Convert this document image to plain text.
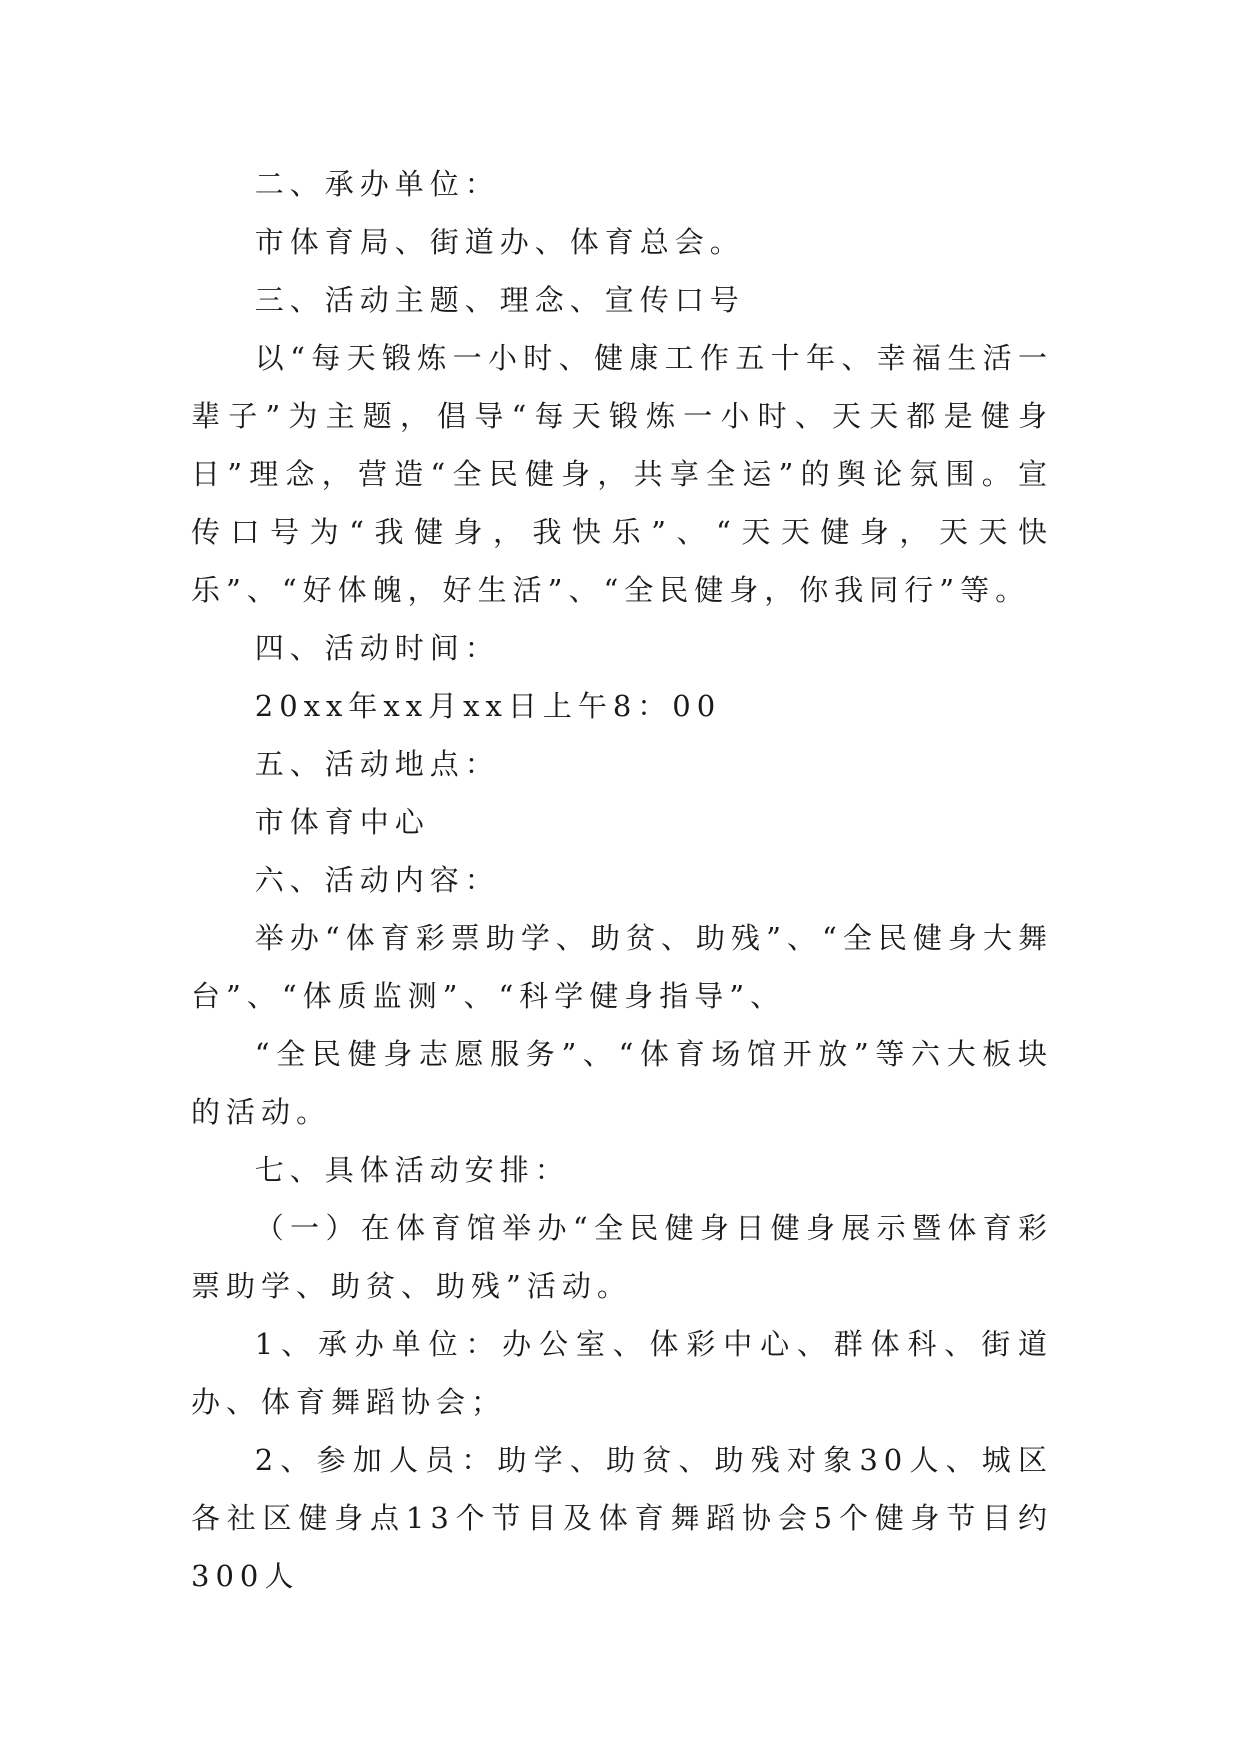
二、承办单位：

市体育局、街道办、体育总会。

三、活动主题、理念、宣传口号

以“每天锻炼一小时、健康工作五十年、幸福生活一辈子”为主题，倡导“每天锻炼一小时、天天都是健身日”理念，营造“全民健身，共享全运”的舆论氛围。宣传口号为“我健身，我快乐”、“天天健身，天天快乐”、“好体魄，好生活”、“全民健身，你我同行”等。

四、活动时间：

20xx年xx月xx日上午8：00

五、活动地点：

市体育中心

六、活动内容：

举办“体育彩票助学、助贫、助残”、“全民健身大舞台”、“体质监测”、“科学健身指导”、

“全民健身志愿服务”、“体育场馆开放”等六大板块的活动。

七、具体活动安排：

（一）在体育馆举办“全民健身日健身展示暨体育彩票助学、助贫、助残”活动。

1、承办单位：办公室、体彩中心、群体科、街道办、体育舞蹈协会；

2、参加人员：助学、助贫、助残对象30人、城区各社区健身点13个节目及体育舞蹈协会5个健身节目约300人
